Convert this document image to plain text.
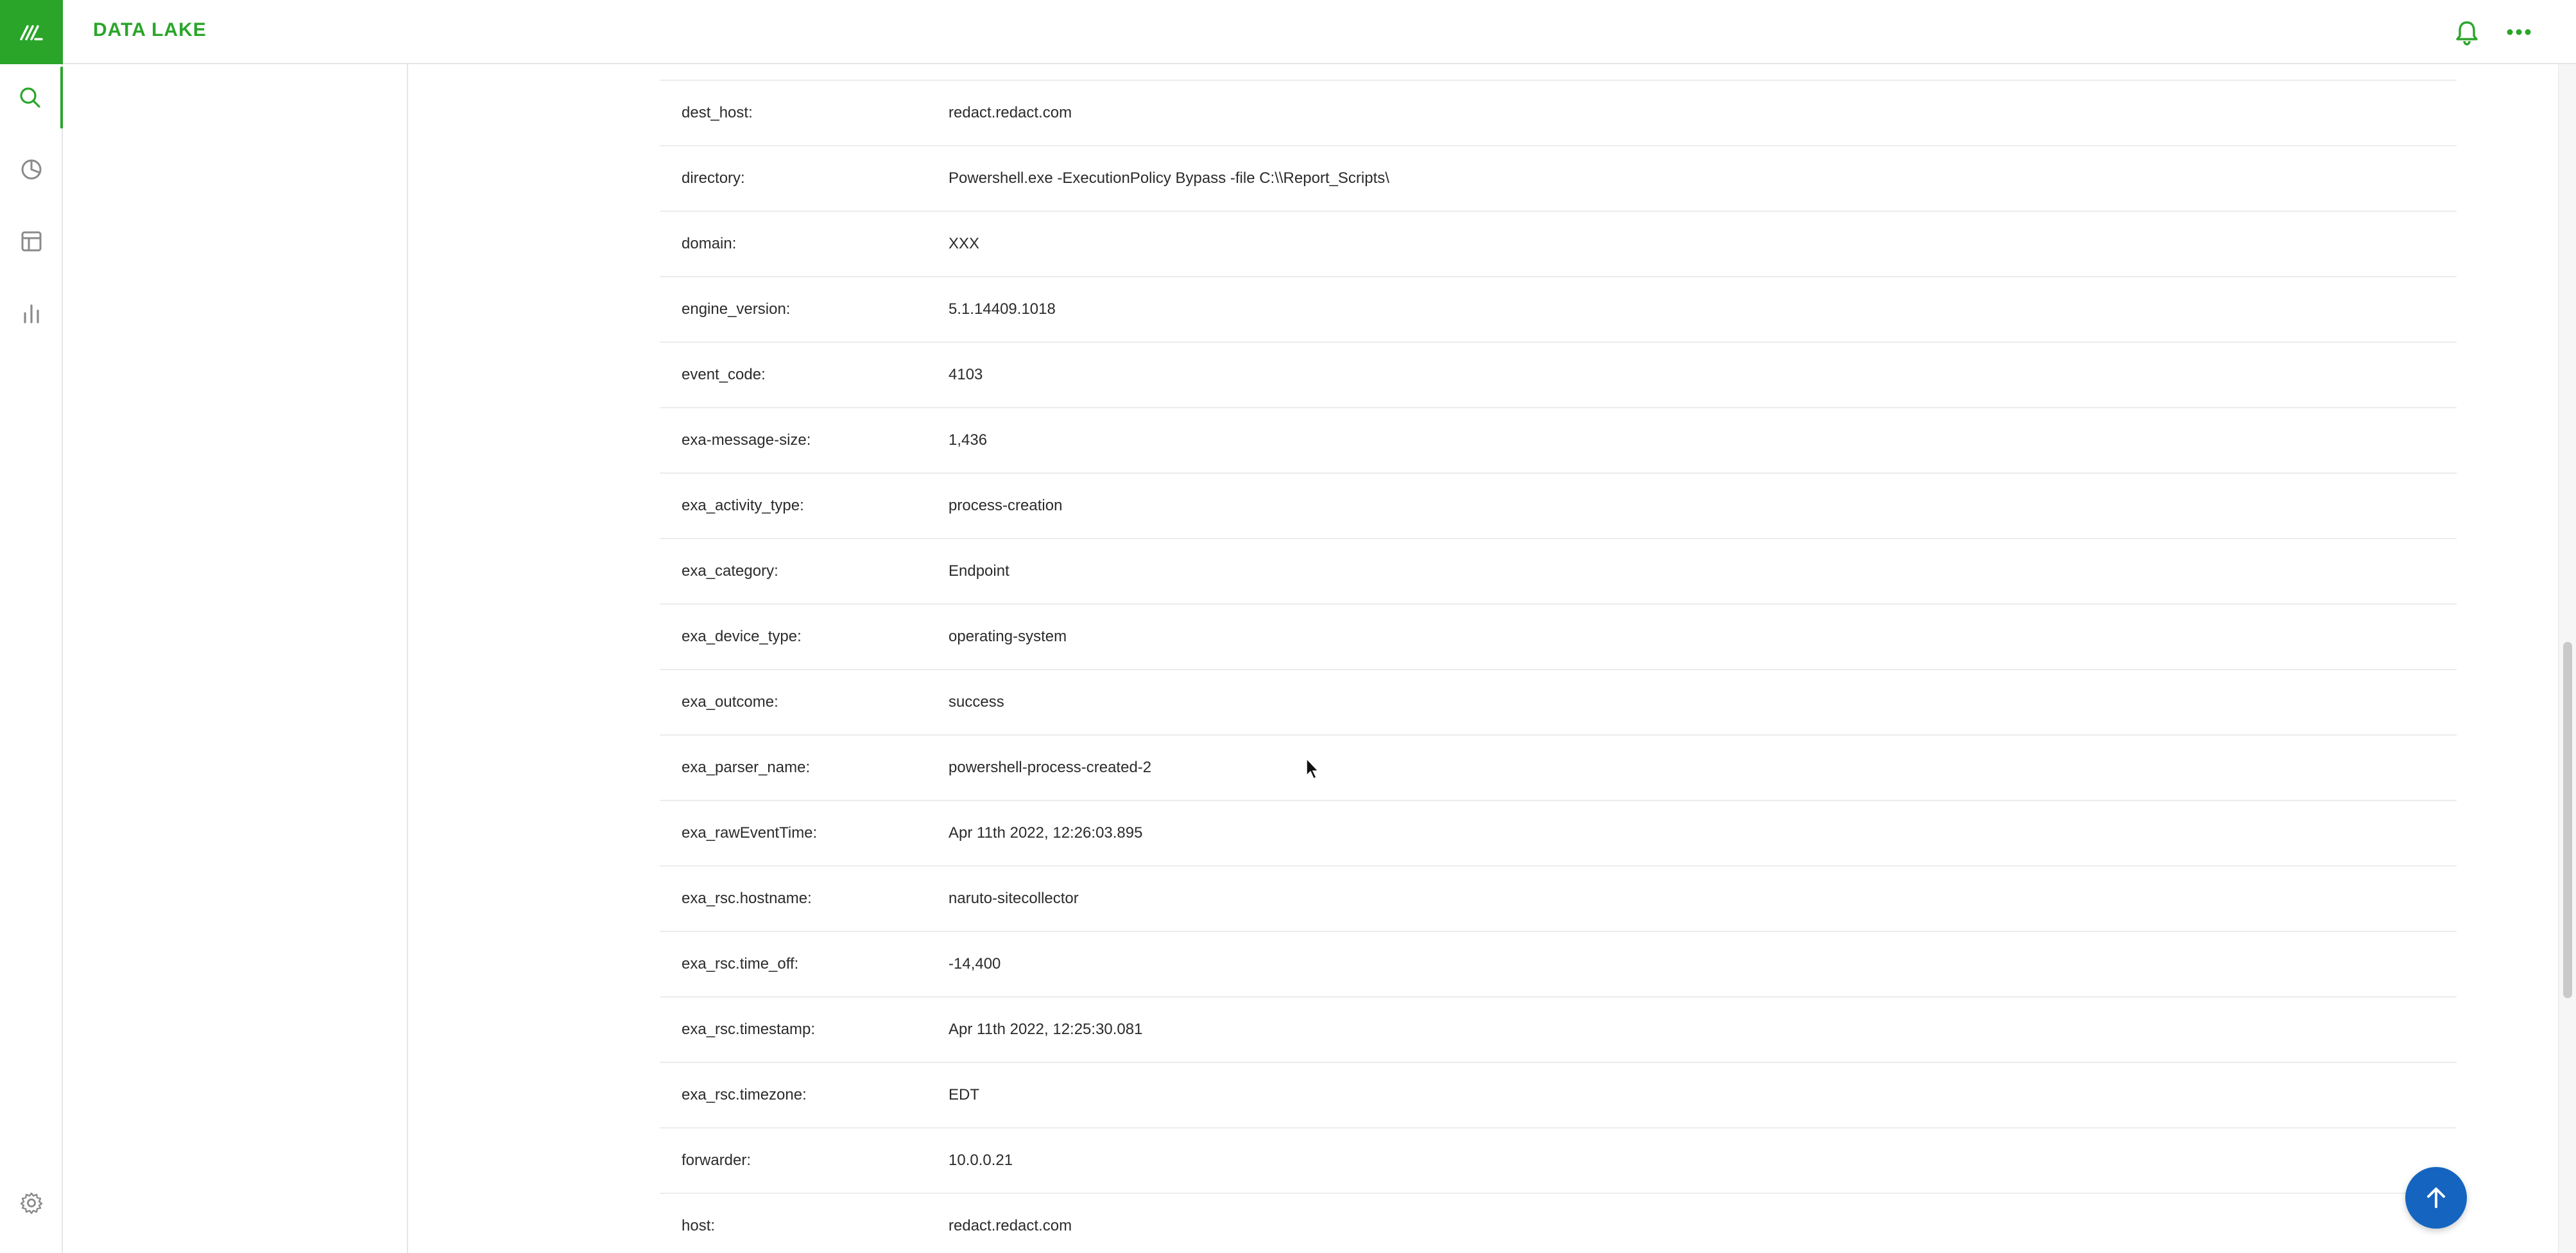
DATA LAKE
dest_host:	redact.redact.com
directory:	Powershell.exe -ExecutionPolicy Bypass -file C:\\Report_Scripts\
domain:	XXX
engine_version:	5.1.14409.1018
event_code:	4103
exa-message-size:	1,436
exa_activity_type:	process-creation
exa_category:	Endpoint
exa_device_type:	operating-system
exa_outcome:	success
exa_parser_name:	powershell-process-created-2
exa_rawEventTime:	Apr 11th 2022, 12:26:03.895
exa_rsc.hostname:	naruto-sitecollector
exa_rsc.time_off:	-14,400
exa_rsc.timestamp:	Apr 11th 2022, 12:25:30.081
exa_rsc.timezone:	EDT
forwarder:	10.0.0.21
host:	redact.redact.com
